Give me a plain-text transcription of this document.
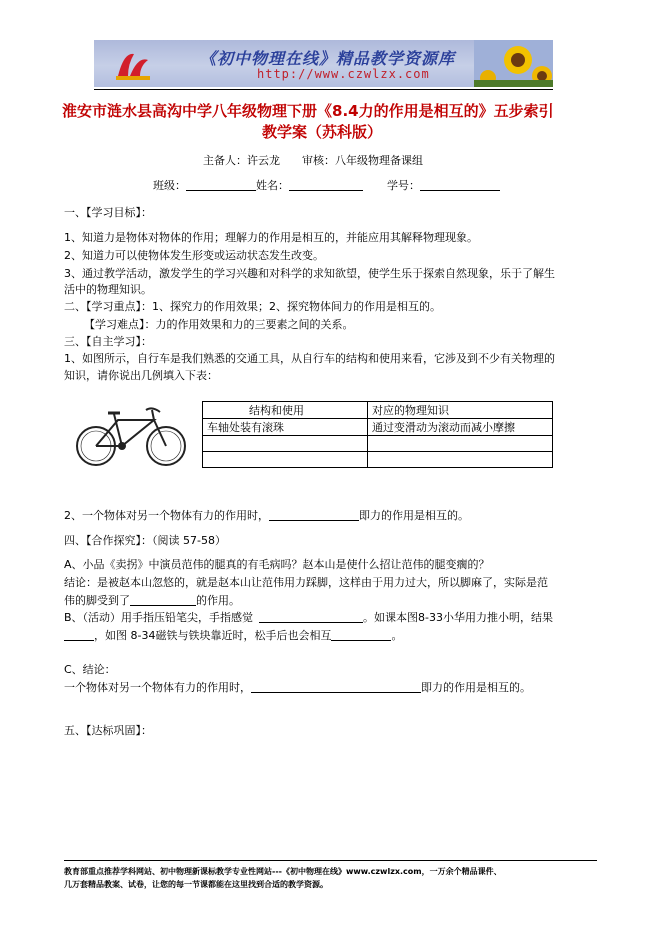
《初中物理在线》精品教学资源库
http://www.czwlzx.com
淮安市涟水县高沟中学八年级物理下册《8.4力的作用是相互的》五步索引
教学案（苏科版）
主备人：许云龙　　审核：八年级物理备课组
班级：	姓名：	学号：
一、【学习目标】：
1、知道力是物体对物体的作用；理解力的作用是相互的，并能应用其解释物理现象。
2、知道力可以使物体发生形变或运动状态发生改变。
3、通过教学活动，激发学生的学习兴趣和对科学的求知欲望，使学生乐于探索自然现象，乐于了解生
活中的物理知识。
二、【学习重点】：1、探究力的作用效果；2、探究物体间力的作用是相互的。
【学习难点】：力的作用效果和力的三要素之间的关系。
三、【自主学习】：
1、如图所示，自行车是我们熟悉的交通工具，从自行车的结构和使用来看，它涉及到不少有关物理的
知识，请你说出几例填入下表：
结构和使用	对应的物理知识
车轴处装有滚珠	通过变滑动为滚动而减小摩擦

2、一个物体对另一个物体有力的作用时，	即力的作用是相互的。
四、【合作探究】：（阅读 57-58）
A、小品《卖拐》中演员范伟的腿真的有毛病吗？赵本山是使什么招让范伟的腿变瘸的？
结论：是被赵本山忽悠的，就是赵本山让范伟用力踩脚，这样由于用力过大，所以脚麻了，实际是范
伟的脚受到了	的作用。
B、（活动）用手指压铅笔尖，手指感觉	。如课本图8-33小华用力推小明，结果
，如图 8-34磁铁与铁块靠近时，松手后也会相互	。
C、结论：
一个物体对另一个物体有力的作用时，	即力的作用是相互的。
五、【达标巩固】：
教育部重点推荐学科网站、初中物理新课标教学专业性网站---《初中物理在线》www.czwlzx.com，一万余个精品课件、
几万套精品教案、试卷，让您的每一节课都能在这里找到合适的教学资源。
